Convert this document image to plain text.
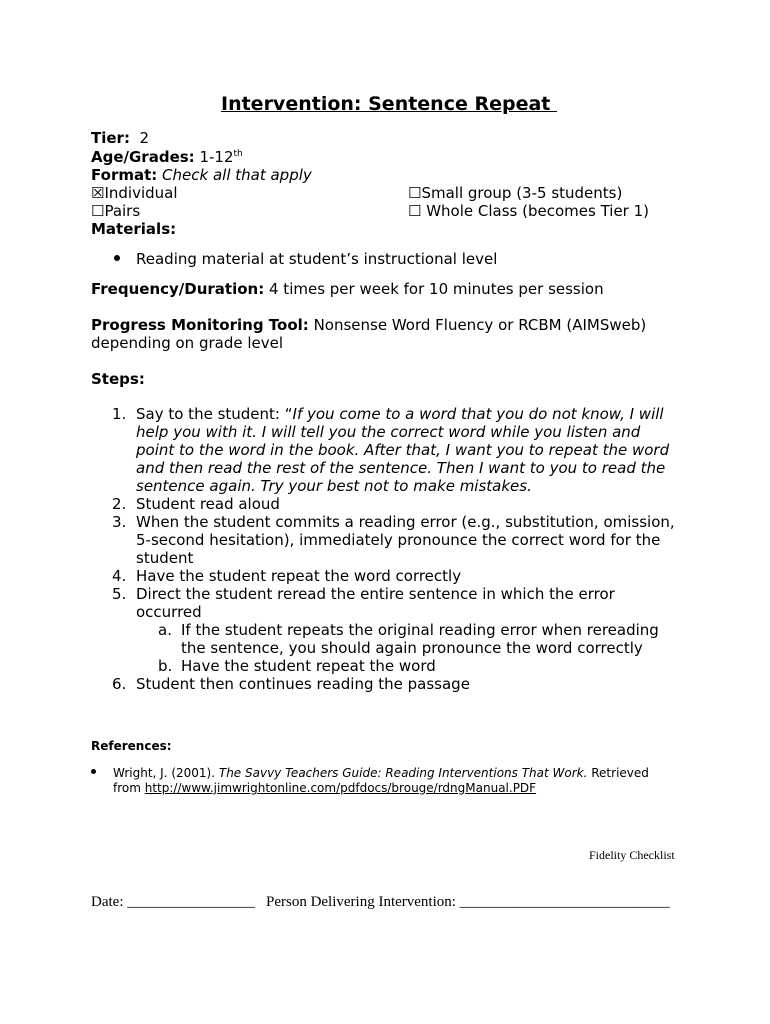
Intervention: Sentence Repeat
Tier: 2
Age/Grades: 1-12th
Format: Check all that apply
☒Individual	☐Small group (3-5 students)
☐Pairs	☐ Whole Class (becomes Tier 1)
Materials:
Reading material at student’s instructional level
Frequency/Duration: 4 times per week for 10 minutes per session
Progress Monitoring Tool: Nonsense Word Fluency or RCBM (AIMSweb)
depending on grade level
Steps:
1. Say to the student: “If you come to a word that you do not know, I will
help you with it. I will tell you the correct word while you listen and
point to the word in the book. After that, I want you to repeat the word
and then read the rest of the sentence. Then I want to you to read the
sentence again. Try your best not to make mistakes.
2. Student read aloud
3. When the student commits a reading error (e.g., substitution, omission,
5-second hesitation), immediately pronounce the correct word for the
student
4. Have the student repeat the word correctly
5. Direct the student reread the entire sentence in which the error
occurred
a. If the student repeats the original reading error when rereading
the sentence, you should again pronounce the word correctly
b. Have the student repeat the word
6. Student then continues reading the passage
References:
Wright, J. (2001). The Savvy Teachers Guide: Reading Interventions That Work. Retrieved
from http://www.jimwrightonline.com/pdfdocs/brouge/rdngManual.PDF
Fidelity Checklist
Date: _________________   Person Delivering Intervention: ____________________________
